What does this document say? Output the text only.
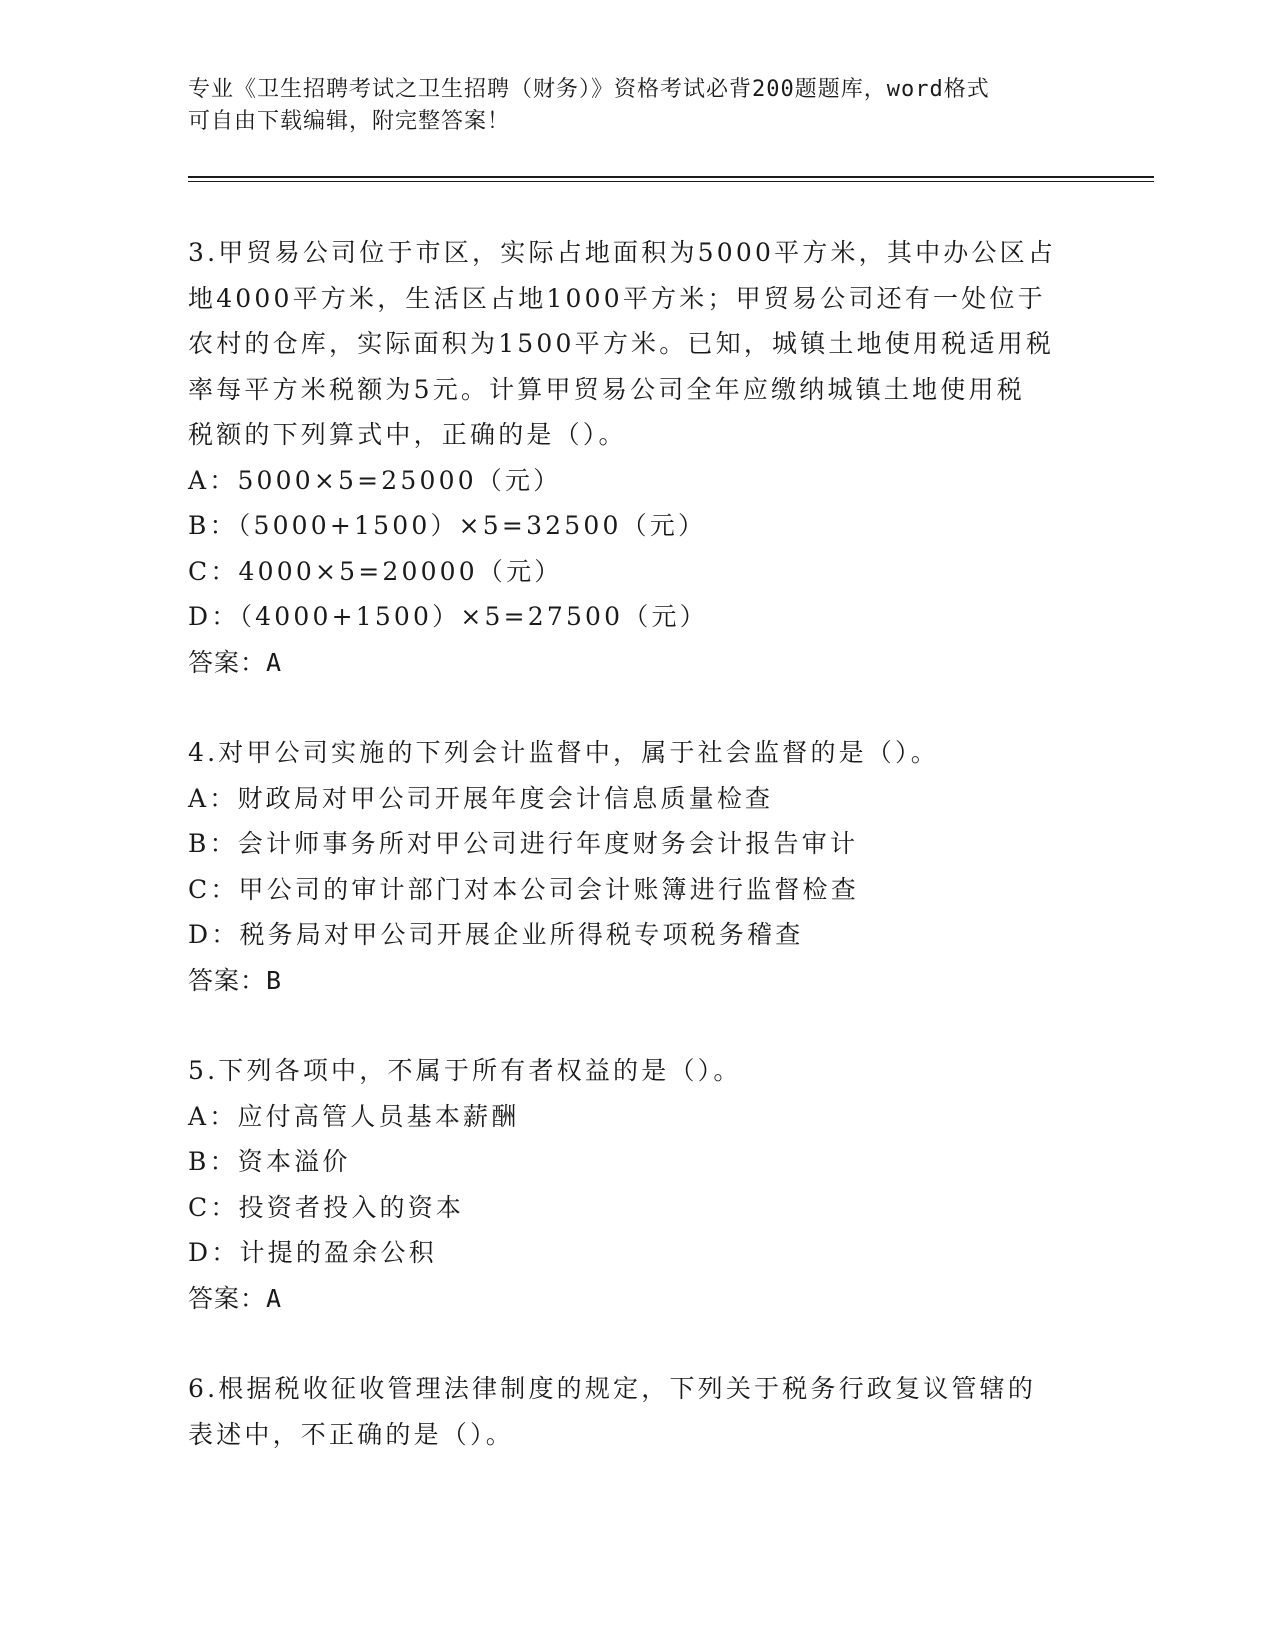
专业《卫生招聘考试之卫生招聘（财务）》资格考试必背200题题库，word格式
可自由下载编辑，附完整答案！
3.甲贸易公司位于市区，实际占地面积为5000平方米，其中办公区占
地4000平方米，生活区占地1000平方米；甲贸易公司还有一处位于
农村的仓库，实际面积为1500平方米。已知，城镇土地使用税适用税
率每平方米税额为5元。计算甲贸易公司全年应缴纳城镇土地使用税
税额的下列算式中，正确的是（）。
A：5000×5=25000（元）
B：（5000+1500）×5=32500（元）
C：4000×5=20000（元）
D：（4000+1500）×5=27500（元）
答案：A
4.对甲公司实施的下列会计监督中，属于社会监督的是（）。
A：财政局对甲公司开展年度会计信息质量检查
B：会计师事务所对甲公司进行年度财务会计报告审计
C：甲公司的审计部门对本公司会计账簿进行监督检查
D：税务局对甲公司开展企业所得税专项税务稽查
答案：B
5.下列各项中，不属于所有者权益的是（）。
A：应付高管人员基本薪酬
B：资本溢价
C：投资者投入的资本
D：计提的盈余公积
答案：A
6.根据税收征收管理法律制度的规定，下列关于税务行政复议管辖的
表述中，不正确的是（）。
